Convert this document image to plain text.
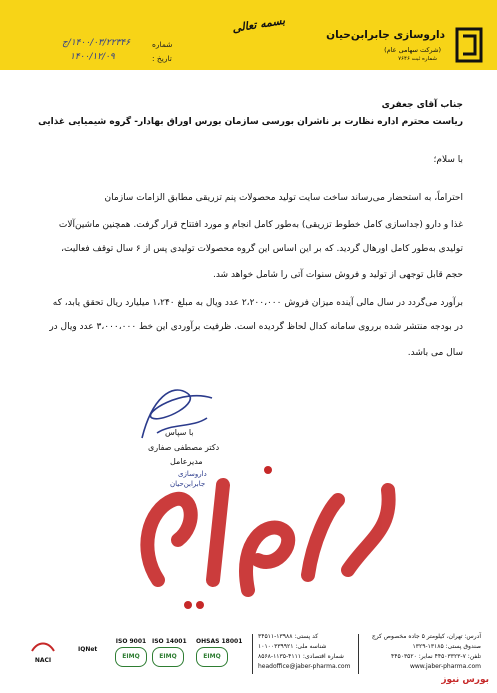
داروسازی جابرابن‌حیان
(شرکت سهامی عام)
شماره ثبت ۷۶۴۶
بسمه تعالی
شماره
۱۴۰۰/۰۳/۲۲۳۴۶/ج
تاریخ :
۱۴۰۰/۱۲/۰۹
جناب آقای جعفری
ریاست محترم اداره نظارت بر ناشران بورسی سازمان بورس اوراق بهادار- گروه شیمیایی غذایی
با سلام؛
احتراماً، به استحضار می‌رساند ساخت سایت تولید محصولات پنم تزریقی مطابق الزامات سازمان
غذا و دارو (جداسازی کامل خطوط تزریقی) به‌طور کامل انجام و مورد افتتاح قرار گرفت. همچنین ماشین‌آلات
تولیدی به‌طور کامل اورهال گردید. که بر این اساس این گروه محصولات تولیدی پس از ۶ سال توقف فعالیت،
حجم قابل توجهی از تولید و فروش سنوات آتی را شامل خواهد شد.
برآورد می‌گردد در سال مالی آینده میزان فروش ۲،۲۰۰،۰۰۰ عدد ویال به مبلغ ۱،۲۴۰ میلیارد ریال تحقق یابد، که
در بودجه منتشر شده برروی سامانه کدال لحاظ گردیده است. ظرفیت برآوردی این خط ۳،۰۰۰،۰۰۰ عدد ویال در
سال می باشد.
با سپاس
دکتر مصطفی صفاری
مدیرعامل
داروسازی
جابرابن‌حیان
آدرس: تهران، کیلومتر ۵ جاده مخصوص کرج
صندوق پستی: ۱۳۱۸۵-۱۳۲۹
تلفن: ۷-۴۴۵۰۳۳۲۳ نمابر: ۴۴۵۰۳۵۲۰
www.jaber-pharma.com
کد پستی: ۱۳۹۸۸-۳۴۵۱۱
شناسه ملی: ۱۰۱۰۰۳۳۹۹۲۱
شماره اقتصادی: ۴۱۱۱-۱۱۳۵-۸۵۶۸
headoffice@jaber-pharma.com
OHSAS 18001
EIMQ
ISO 14001
EIMQ
ISO 9001
EIMQ
IQNet
NACI
بورس نیوز
